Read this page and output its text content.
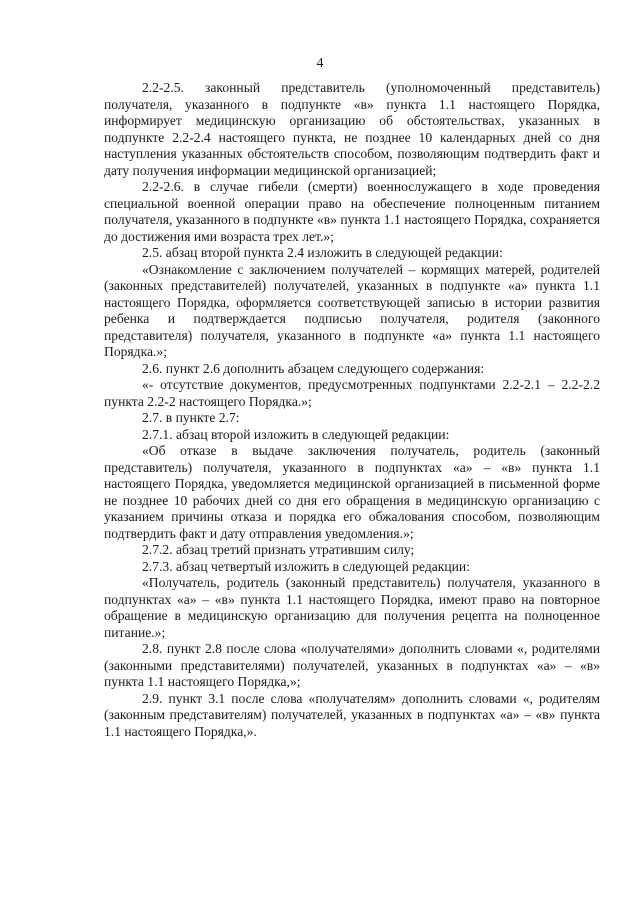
4

2.2-2.5. законный представитель (уполномоченный представитель) получателя, указанного в подпункте «в» пункта 1.1 настоящего Порядка, информирует медицинскую организацию об обстоятельствах, указанных в подпункте 2.2-2.4 настоящего пункта, не позднее 10 календарных дней со дня наступления указанных обстоятельств способом, позволяющим подтвердить факт и дату получения информации медицинской организацией;

2.2-2.6. в случае гибели (смерти) военнослужащего в ходе проведения специальной военной операции право на обеспечение полноценным питанием получателя, указанного в подпункте «в» пункта 1.1 настоящего Порядка, сохраняется до достижения ими возраста трех лет.»;

2.5. абзац второй пункта 2.4 изложить в следующей редакции:

«Ознакомление с заключением получателей – кормящих матерей, родителей (законных представителей) получателей, указанных в подпункте «а» пункта 1.1 настоящего Порядка, оформляется соответствующей записью в истории развития ребенка и подтверждается подписью получателя, родителя (законного представителя) получателя, указанного в подпункте «а» пункта 1.1 настоящего Порядка.»;

2.6. пункт 2.6 дополнить абзацем следующего содержания:

«- отсутствие документов, предусмотренных подпунктами 2.2-2.1 – 2.2-2.2 пункта 2.2-2 настоящего Порядка.»;

2.7. в пункте 2.7:

2.7.1. абзац второй изложить в следующей редакции:

«Об отказе в выдаче заключения получатель, родитель (законный представитель) получателя, указанного в подпунктах «а» – «в» пункта 1.1 настоящего Порядка, уведомляется медицинской организацией в письменной форме не позднее 10 рабочих дней со дня его обращения в медицинскую организацию с указанием причины отказа и порядка его обжалования способом, позволяющим подтвердить факт и дату отправления уведомления.»;

2.7.2. абзац третий признать утратившим силу;

2.7.3. абзац четвертый изложить в следующей редакции:

«Получатель, родитель (законный представитель) получателя, указанного в подпунктах «а» – «в» пункта 1.1 настоящего Порядка, имеют право на повторное обращение в медицинскую организацию для получения рецепта на полноценное питание.»;

2.8. пункт 2.8 после слова «получателями» дополнить словами «, родителями (законными представителями) получателей, указанных в подпунктах «а» – «в» пункта 1.1 настоящего Порядка,»;

2.9. пункт 3.1 после слова «получателям» дополнить словами «, родителям (законным представителям) получателей, указанных в подпунктах «а» – «в» пункта 1.1 настоящего Порядка,».
